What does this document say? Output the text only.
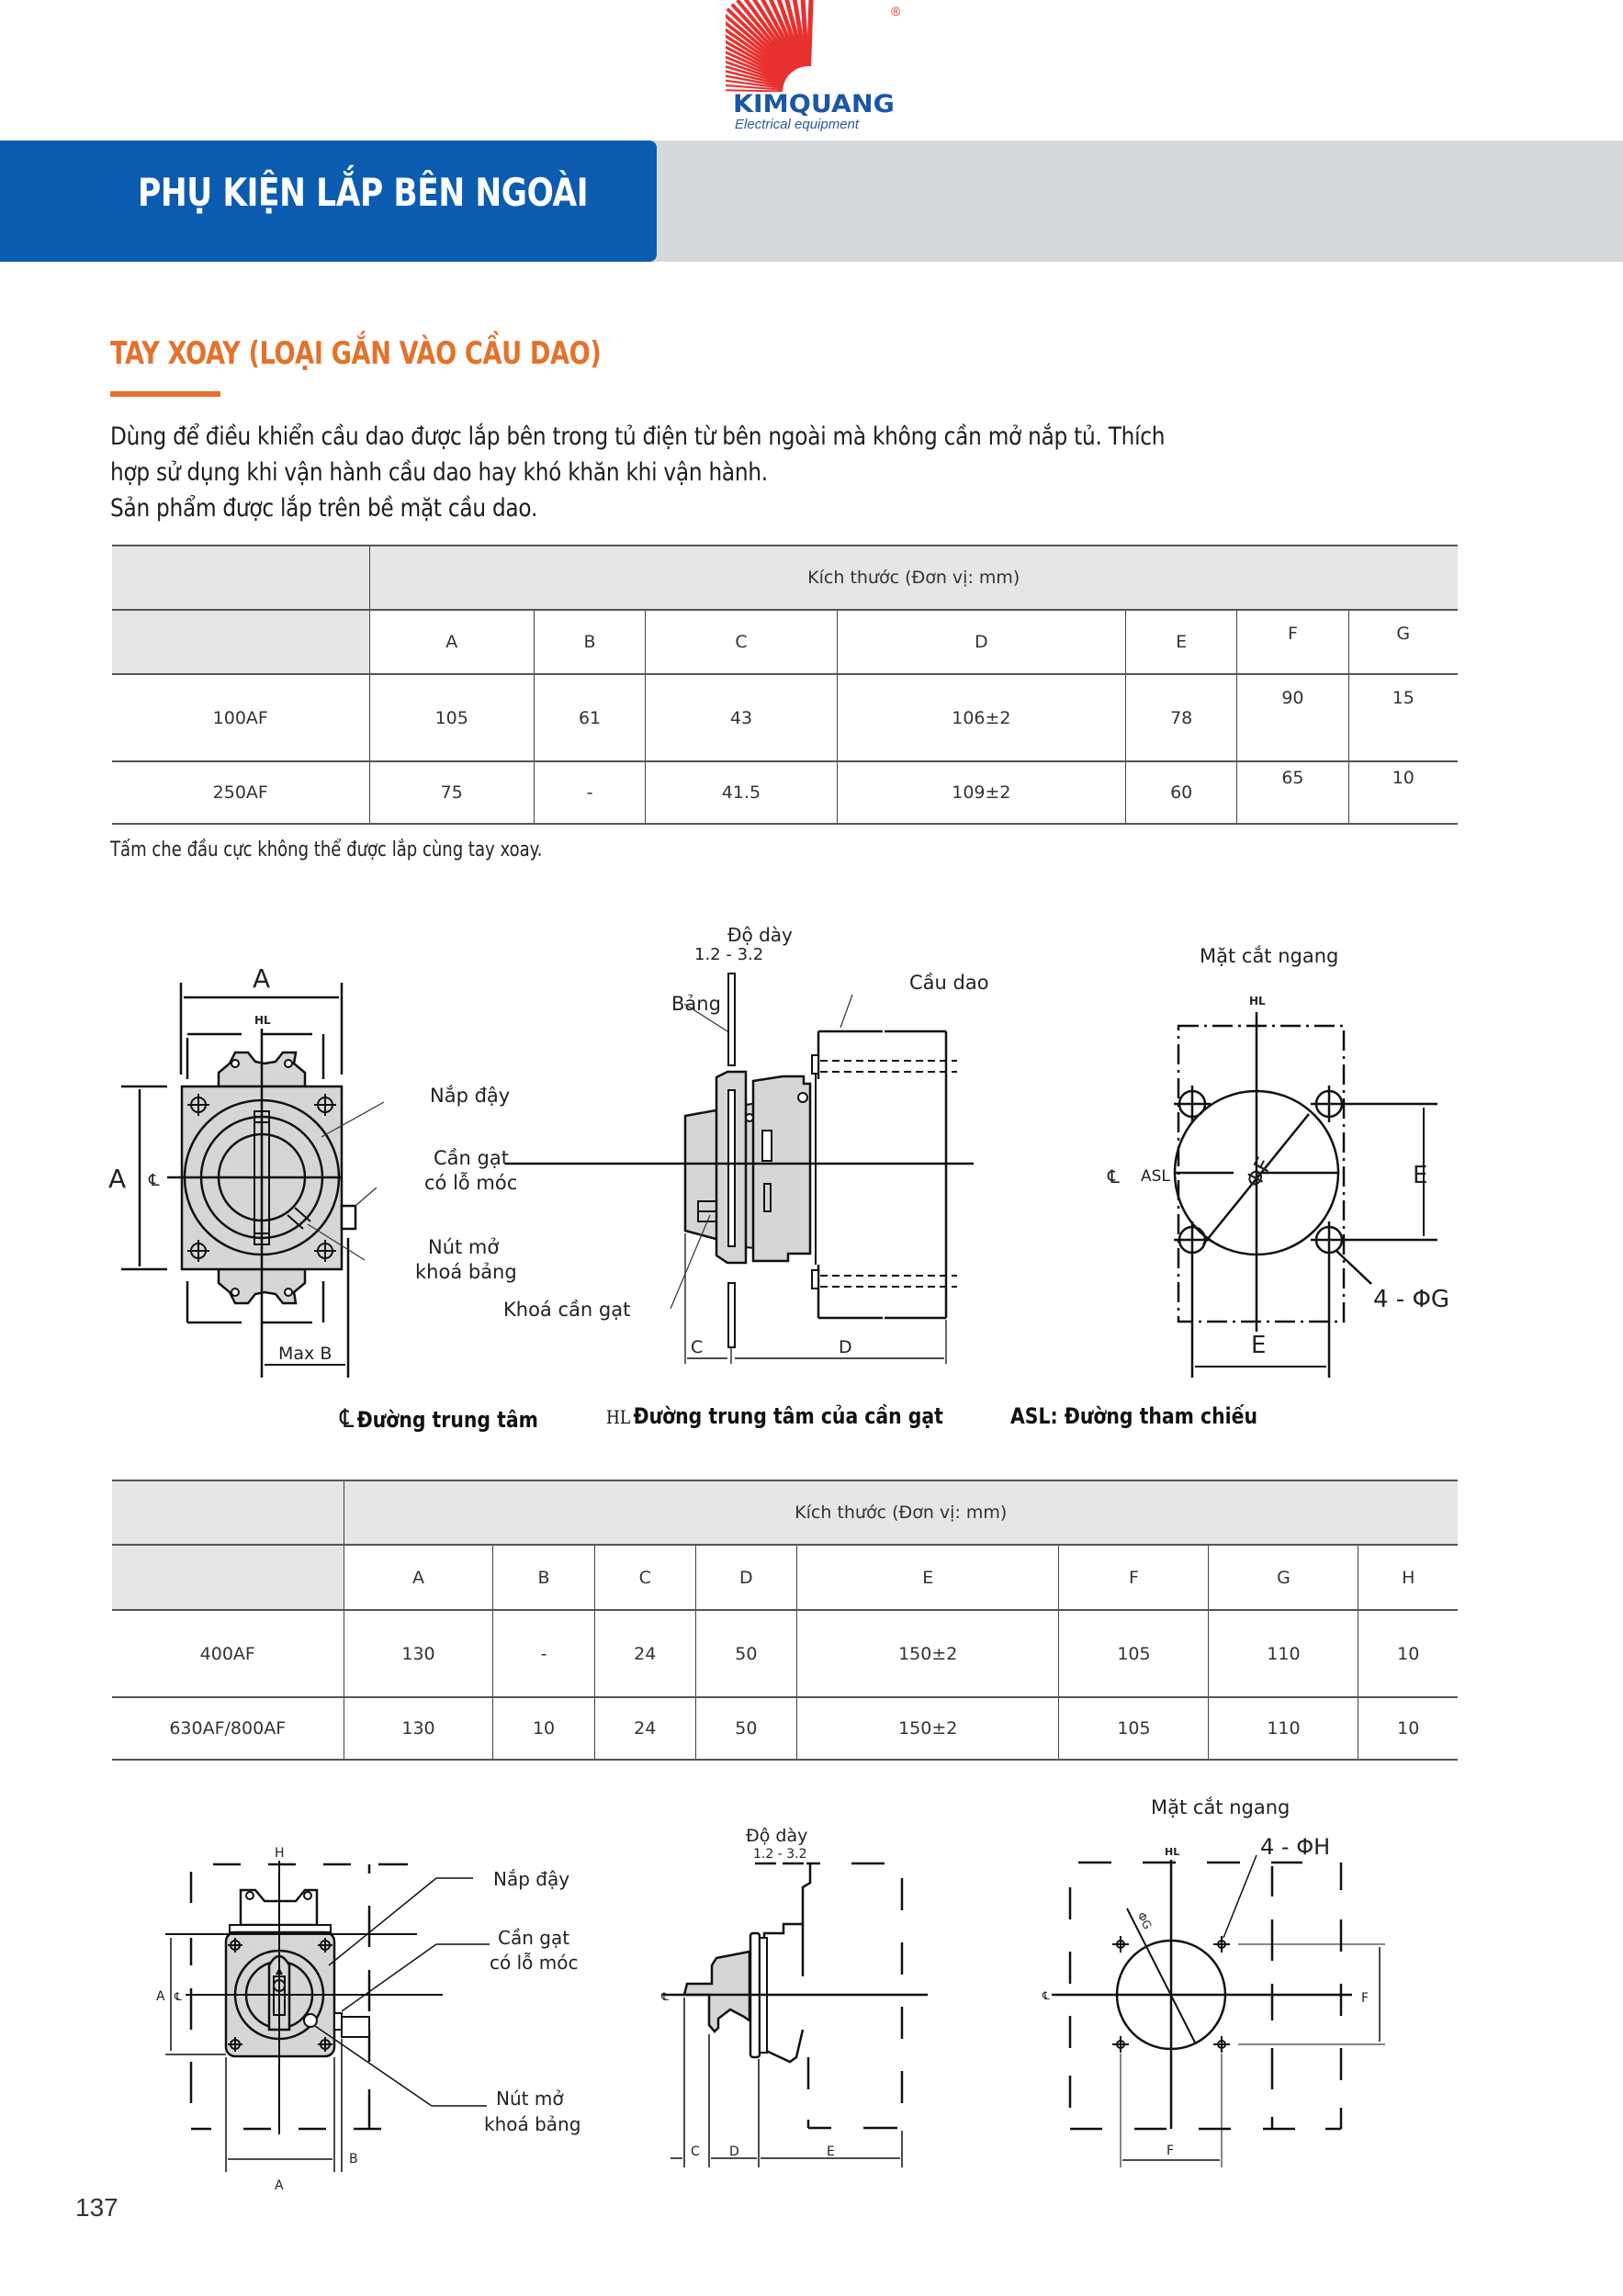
®
KIMQUANG
Electrical equipment
PHỤ KIỆN LẮP BÊN NGOÀI
TAY XOAY (LOẠI GẮN VÀO CẦU DAO)
Dùng để điều khiển cầu dao được lắp bên trong tủ điện từ bên ngoài mà không cần mở nắp tủ. Thích
hợp sử dụng khi vận hành cầu dao hay khó khăn khi vận hành.
Sản phẩm được lắp trên bề mặt cầu dao.
	Kích thước (Đơn vị: mm)						
	A	B	C	D	E	F	G
100AF	105	61	43	106±2	78	90	15
250AF	75	-	41.5	109±2	60	65	10
Tấm che đầu cực không thể được lắp cùng tay xoay.
A
A ℄
HL
Max B
Nắp đậy
Cần gạt
có lỗ móc
Nút mở
khoá bảng
Độ dày
1.2 - 3.2
Bảng
Cầu dao
Khoá cần gạt
C	D
Mặt cắt ngang
HL
℄ ASL	ΦF	E
E
4 - ΦG
℄ Đường trung tâm	HL Đường trung tâm của cần gạt	ASL: Đường tham chiếu
	Kích thước (Đơn vị: mm)							
	A	B	C	D	E	F	G	H
400AF	130	-	24	50	150±2	105	110	10
630AF/800AF	130	10	24	50	150±2	105	110	10
H
A ℄
A
B
Nắp đậy
Cần gạt
có lỗ móc
Nút mở
khoá bảng
Độ dày
1.2 - 3.2
℄
C D	E
Mặt cắt ngang
HL
℄
ΦG
4 - ΦH
F
F
137
